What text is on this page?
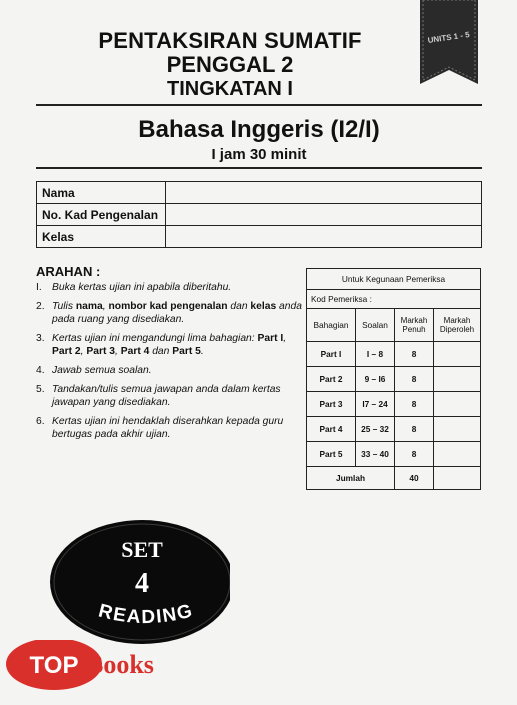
PENTAKSIRAN SUMATIF
PENGGAL 2
TINGKATAN I
UNITS 1 - 5
Bahasa Inggeris (I2/I)
I jam 30 minit
Nama	
No. Kad Pengenalan	
Kelas	
ARAHAN :
I. Buka kertas ujian ini apabila diberitahu.
2. Tulis nama, nombor kad pengenalan dan kelas anda pada ruang yang disediakan.
3. Kertas ujian ini mengandungi lima bahagian: Part I, Part 2, Part 3, Part 4 dan Part 5.
4. Jawab semua soalan.
5. Tandakan/tulis semua jawapan anda dalam kertas jawapan yang disediakan.
6. Kertas ujian ini hendaklah diserahkan kepada guru bertugas pada akhir ujian.
Untuk Kegunaan Pemeriksa			
Kod Pemeriksa :			
Bahagian	Soalan	Markah Penuh	Markah Diperoleh
Part I	I – 8	8	
Part 2	9 – I6	8	
Part 3	I7 – 24	8	
Part 4	25 – 32	8	
Part 5	33 – 40	8	
Jumlah		40	
SET
4
READING
TOP Books
